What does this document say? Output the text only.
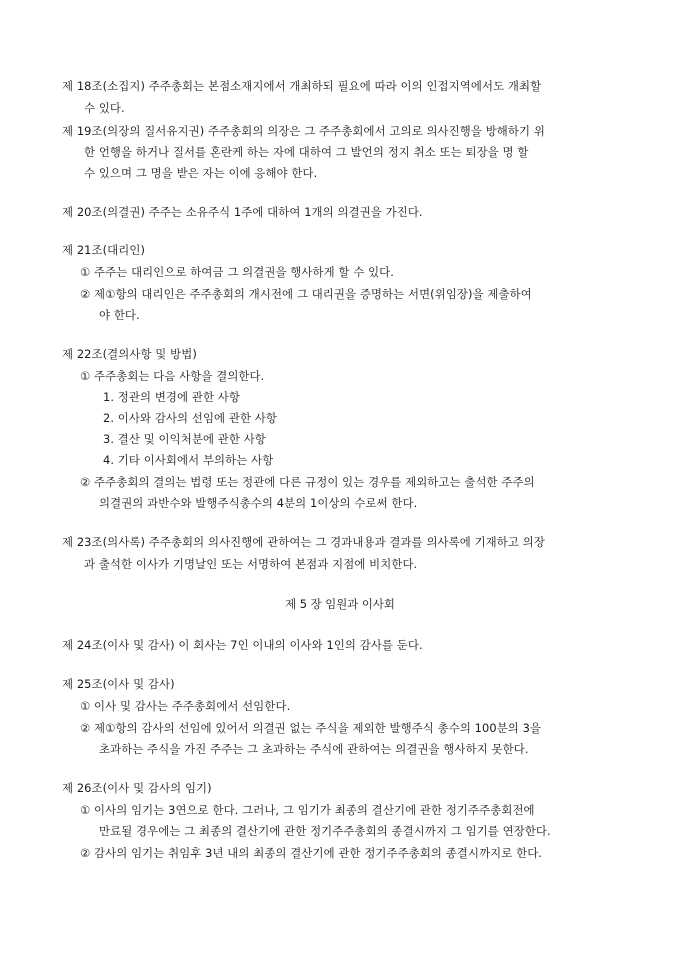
제 18조(소집지) 주주총회는 본점소재지에서 개최하되 필요에 따라 이의 인접지역에서도 개최할
수 있다.
제 19조(의장의 질서유지권) 주주총회의 의장은 그 주주총회에서 고의로 의사진행을 방해하기 위
한 언행을 하거나 질서를 혼란케 하는 자에 대하여 그 발언의 정지 취소 또는 퇴장을 명 할
수 있으며 그 명을 받은 자는 이에 응해야 한다.
제 20조(의결권) 주주는 소유주식 1주에 대하여 1개의 의결권을 가진다.
제 21조(대리인)
① 주주는 대리인으로 하여금 그 의결권을 행사하게 할 수 있다.
② 제①항의 대리인은 주주총회의 개시전에 그 대리권을 증명하는 서면(위임장)을 제출하여
야 한다.
제 22조(결의사항 및 방법)
① 주주총회는 다음 사항을 결의한다.
1. 정관의 변경에 관한 사항
2. 이사와 감사의 선임에 관한 사항
3. 결산 및 이익처분에 관한 사항
4. 기타 이사회에서 부의하는 사항
② 주주총회의 결의는 법령 또는 정관에 다른 규정이 있는 경우를 제외하고는 출석한 주주의
의결권의 과반수와 발행주식총수의 4분의 1이상의 수로써 한다.
제 23조(의사록) 주주총회의 의사진행에 관하여는 그 경과내용과 결과를 의사록에 기재하고 의장
과 출석한 이사가 기명날인 또는 서명하여 본점과 지점에 비치한다.
제 5 장 임원과 이사회
제 24조(이사 및 감사) 이 회사는 7인 이내의 이사와 1인의 감사를 둔다.
제 25조(이사 및 감사)
① 이사 및 감사는 주주총회에서 선임한다.
② 제①항의 감사의 선임에 있어서 의결권 없는 주식을 제외한 발행주식 총수의 100분의 3을
초과하는 주식을 가진 주주는 그 초과하는 주식에 관하여는 의결권을 행사하지 못한다.
제 26조(이사 및 감사의 임기)
① 이사의 임기는 3연으로 한다. 그러나, 그 임기가 최종의 결산기에 관한 정기주주총회전에
만료될 경우에는 그 최종의 결산기에 관한 정기주주총회의 종결시까지 그 임기를 연장한다.
② 감사의 임기는 취임후 3년 내의 최종의 결산기에 관한 정기주주총회의 종결시까지로 한다.
